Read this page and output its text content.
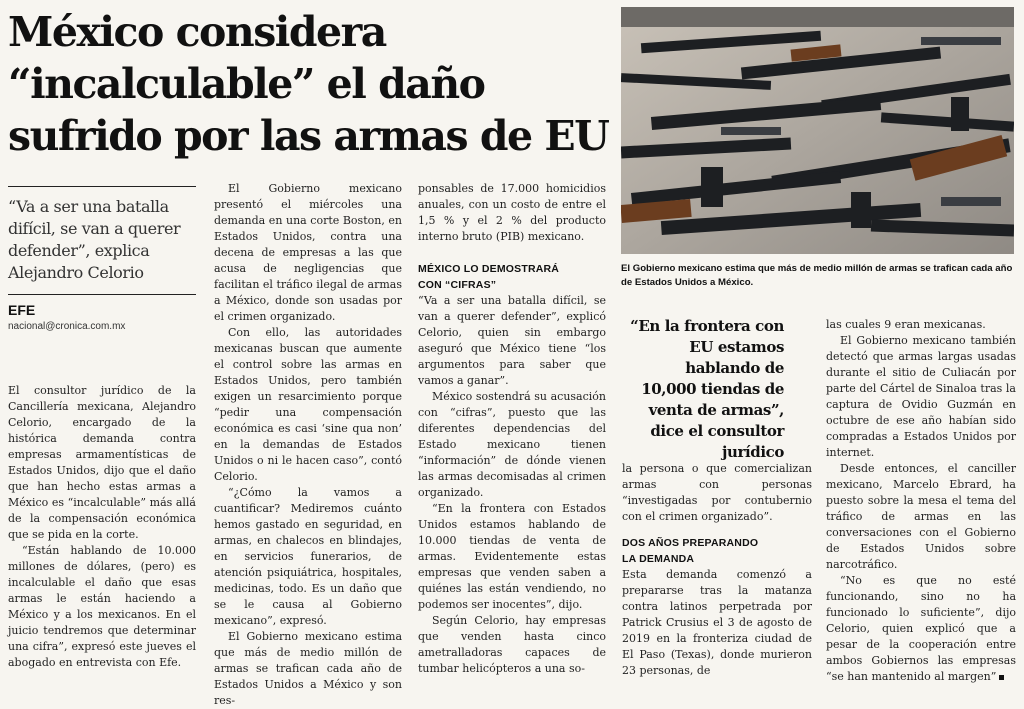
México considera
“incalculable” el daño
sufrido por las armas de EU
El Gobierno mexicano estima que más de medio millón de armas se trafican cada año de Estados Unidos a México.
“Va a ser una batalla difícil, se van a querer defender”, explica Alejandro Celorio
EFE
nacional@cronica.com.mx

El consultor jurídico de la Cancillería mexicana, Alejandro Celorio, encargado de la histórica demanda contra empresas armamentísticas de Estados Unidos, dijo que el daño que han hecho estas armas a México es “incalculable” más allá de la compensación económica que se pida en la corte.

“Están hablando de 10.000 millones de dólares, (pero) es incalculable el daño que esas armas le están haciendo a México y a los mexicanos. En el juicio tendremos que determinar una cifra”, expresó este jueves el abogado en entrevista con Efe.

El Gobierno mexicano presentó el miércoles una demanda en una corte Boston, en Estados Unidos, contra una decena de empresas a las que acusa de negligencias que facilitan el tráfico ilegal de armas a México, donde son usadas por el crimen organizado.

Con ello, las autoridades mexicanas buscan que aumente el control sobre las armas en Estados Unidos, pero también exigen un resarcimiento porque “pedir una compensación económica es casi ‘sine qua non’ en la demandas de Estados Unidos o ni le hacen caso”, contó Celorio.

“¿Cómo la vamos a cuantificar? Mediremos cuánto hemos gastado en seguridad, en armas, en chalecos en blindajes, en servicios funerarios, de atención psiquiátrica, hospitales, medicinas, todo. Es un daño que se le causa al Gobierno mexicano”, expresó.

El Gobierno mexicano estima que más de medio millón de armas se trafican cada año de Estados Unidos a México y son res-

ponsables de 17.000 homicidios anuales, con un costo de entre el 1,5 % y el 2 % del producto interno bruto (PIB) mexicano.

MÉXICO LO DEMOSTRARÁ

CON “CIFRAS”

“Va a ser una batalla difícil, se van a querer defender”, explicó Celorio, quien sin embargo aseguró que México tiene “los argumentos para saber que vamos a ganar”.

México sostendrá su acusación con “cifras”, puesto que las diferentes dependencias del Estado mexicano tienen “información” de dónde vienen las armas decomisadas al crimen organizado.

“En la frontera con Estados Unidos estamos hablando de 10.000 tiendas de venta de armas. Evidentemente estas empresas que venden saben a quiénes las están vendiendo, no podemos ser inocentes”, dijo.

Según Celorio, hay empresas que venden hasta cinco ametralladoras capaces de tumbar helicópteros a una so-

“En la frontera con EU estamos hablando de 10,000 tiendas de venta de armas”, dice el consultor jurídico

la persona o que comercializan armas con personas “investigadas por contubernio con el crimen organizado”.

DOS AÑOS PREPARANDO

LA DEMANDA

Esta demanda comenzó a prepararse tras la matanza contra latinos perpetrada por Patrick Crusius el 3 de agosto de 2019 en la fronteriza ciudad de El Paso (Texas), donde murieron 23 personas, de

las cuales 9 eran mexicanas.

El Gobierno mexicano también detectó que armas largas usadas durante el sitio de Culiacán por parte del Cártel de Sinaloa tras la captura de Ovidio Guzmán en octubre de ese año habían sido compradas a Estados Unidos por internet.

Desde entonces, el canciller mexicano, Marcelo Ebrard, ha puesto sobre la mesa el tema del tráfico de armas en las conversaciones con el Gobierno de Estados Unidos sobre narcotráfico.

“No es que no esté funcionando, sino no ha funcionado lo suficiente”, dijo Celorio, quien explicó que a pesar de la cooperación entre ambos Gobiernos las empresas “se han mantenido al margen”
